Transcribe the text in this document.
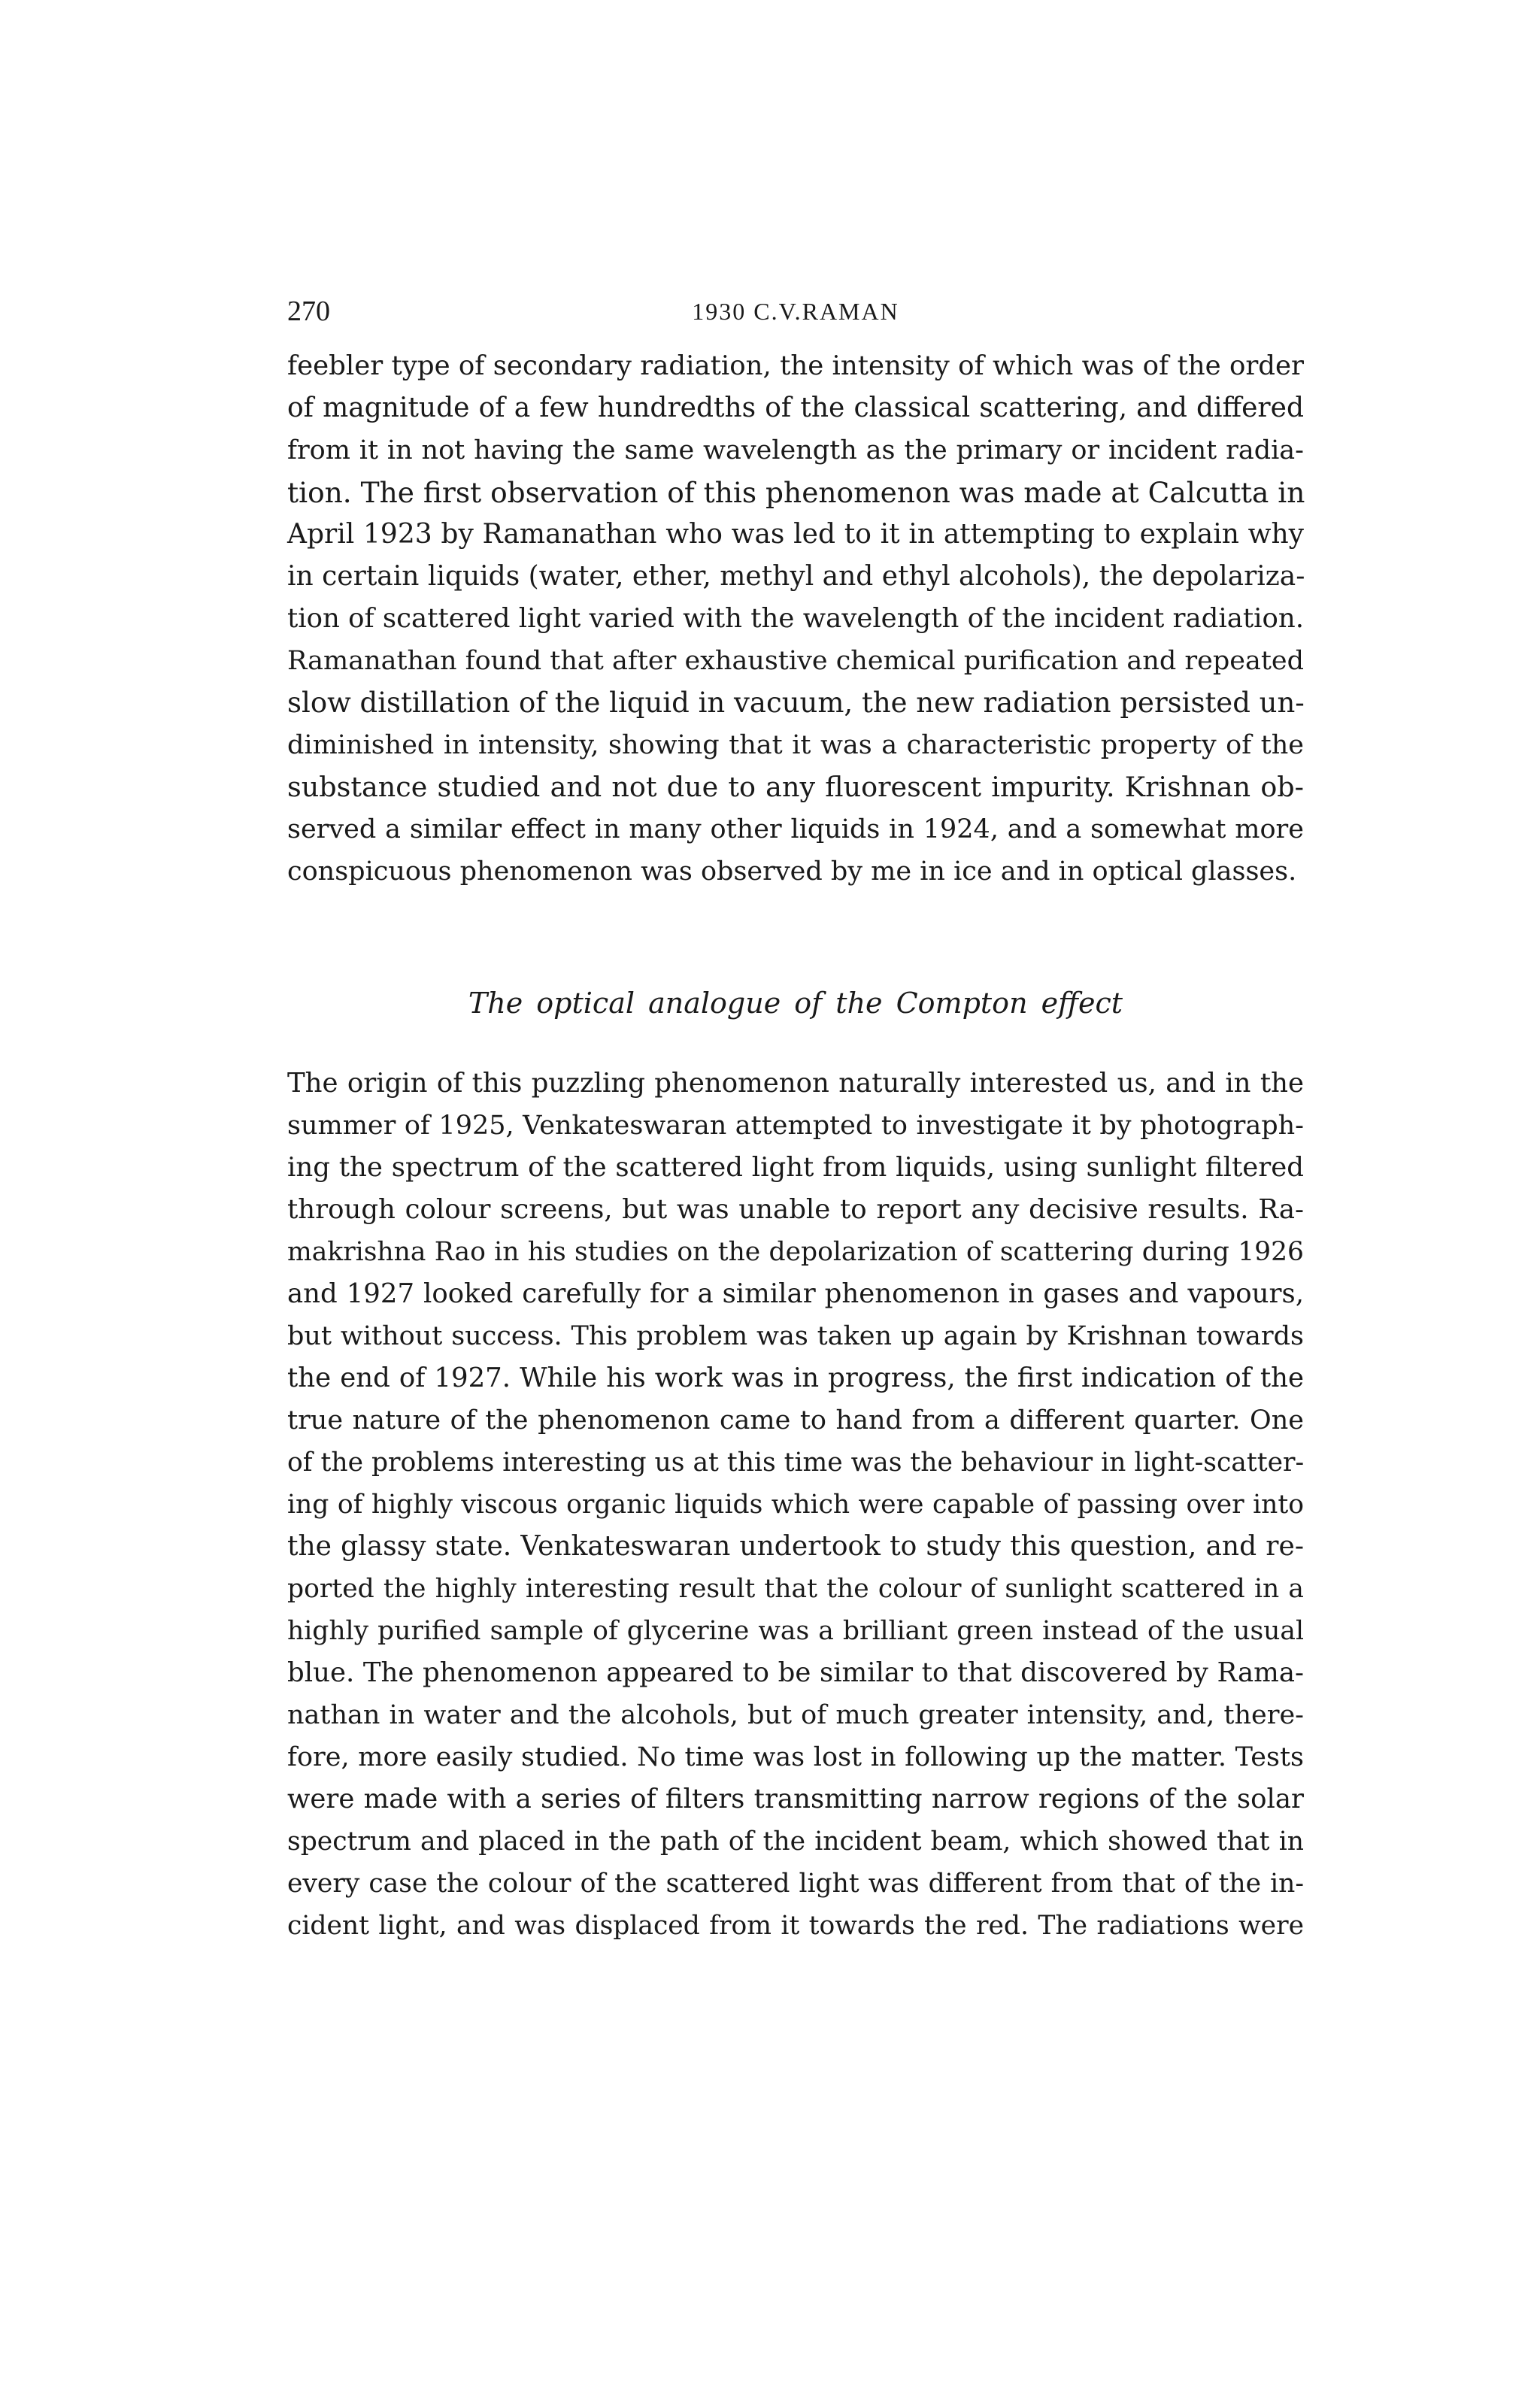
270	1930 C.V.RAMAN
feebler type of secondary radiation, the intensity of which was of the order
of magnitude of a few hundredths of the classical scattering, and differed
from it in not having the same wavelength as the primary or incident radia-
tion. The first observation of this phenomenon was made at Calcutta in
April 1923 by Ramanathan who was led to it in attempting to explain why
in certain liquids (water, ether, methyl and ethyl alcohols), the depolariza-
tion of scattered light varied with the wavelength of the incident radiation.
Ramanathan found that after exhaustive chemical purification and repeated
slow distillation of the liquid in vacuum, the new radiation persisted un-
diminished in intensity, showing that it was a characteristic property of the
substance studied and not due to any fluorescent impurity. Krishnan ob-
served a similar effect in many other liquids in 1924, and a somewhat more
conspicuous phenomenon was observed by me in ice and in optical glasses.
The optical analogue of the Compton effect
The origin of this puzzling phenomenon naturally interested us, and in the
summer of 1925, Venkateswaran attempted to investigate it by photograph-
ing the spectrum of the scattered light from liquids, using sunlight filtered
through colour screens, but was unable to report any decisive results. Ra-
makrishna Rao in his studies on the depolarization of scattering during 1926
and 1927 looked carefully for a similar phenomenon in gases and vapours,
but without success. This problem was taken up again by Krishnan towards
the end of 1927. While his work was in progress, the first indication of the
true nature of the phenomenon came to hand from a different quarter. One
of the problems interesting us at this time was the behaviour in light-scatter-
ing of highly viscous organic liquids which were capable of passing over into
the glassy state. Venkateswaran undertook to study this question, and re-
ported the highly interesting result that the colour of sunlight scattered in a
highly purified sample of glycerine was a brilliant green instead of the usual
blue. The phenomenon appeared to be similar to that discovered by Rama-
nathan in water and the alcohols, but of much greater intensity, and, there-
fore, more easily studied. No time was lost in following up the matter. Tests
were made with a series of filters transmitting narrow regions of the solar
spectrum and placed in the path of the incident beam, which showed that in
every case the colour of the scattered light was different from that of the in-
cident light, and was displaced from it towards the red. The radiations were
